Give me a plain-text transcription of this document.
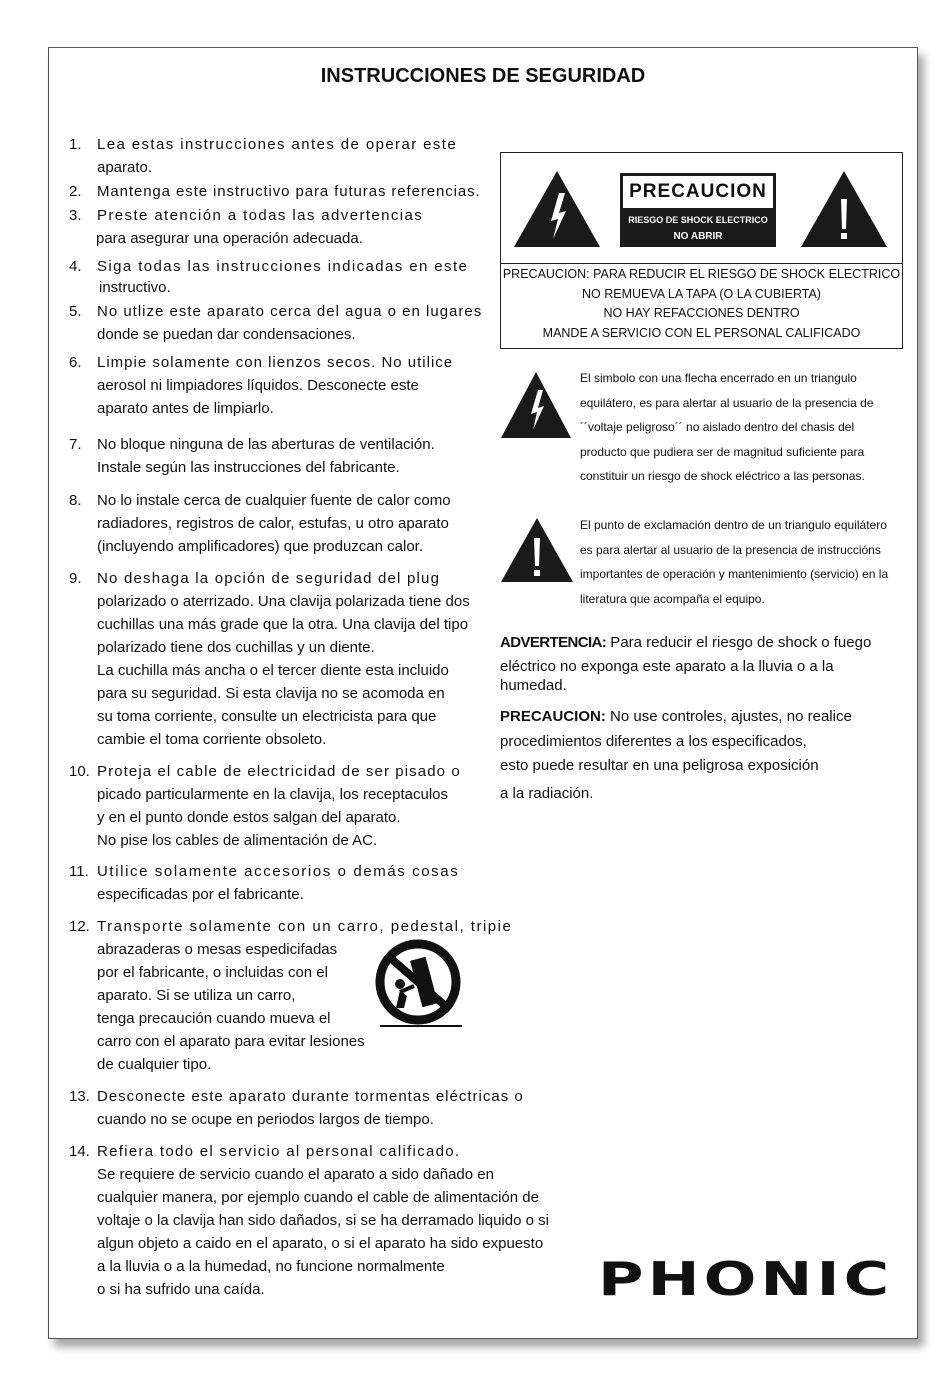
INSTRUCCIONES DE SEGURIDAD
1. Lea estas instrucciones antes de operar este
aparato.
2. Mantenga este instructivo para futuras referencias.
3. Preste atención a todas las advertencias
para asegurar una operación adecuada.
4. Siga todas las instrucciones indicadas en este
instructivo.
5. No utlize este aparato cerca del agua o en lugares
donde se puedan dar condensaciones.
6. Limpie solamente con lienzos secos. No utilice
aerosol ni limpiadores líquidos. Desconecte este
aparato antes de limpiarlo.
7. No bloque ninguna de las aberturas de ventilación.
Instale según las instrucciones del fabricante.
8. No lo instale cerca de cualquier fuente de calor como
radiadores, registros de calor, estufas, u otro aparato
(incluyendo amplificadores) que produzcan calor.
9. No deshaga la opción de seguridad del plug
polarizado o aterrizado. Una clavija polarizada tiene dos
cuchillas una más grade que la otra. Una clavija del tipo
polarizado tiene dos cuchillas y un diente.
La cuchilla más ancha o el tercer diente esta incluido
para su seguridad. Si esta clavija no se acomoda en
su toma corriente, consulte un electricista para que
cambie el toma corriente obsoleto.
10. Proteja el cable de electricidad de ser pisado o
picado particularmente en la clavija, los receptaculos
y en el punto donde estos salgan del aparato.
No pise los cables de alimentación de AC.
11. Utilice solamente accesorios o demás cosas
especificadas por el fabricante.
12. Transporte solamente con un carro, pedestal, tripie
abrazaderas o mesas espedicifadas
por el fabricante, o incluidas con el
aparato. Si se utiliza un carro,
tenga precaución cuando mueva el
carro con el aparato para evitar lesiones
de cualquier tipo.
13. Desconecte este aparato durante tormentas eléctricas o
cuando no se ocupe en periodos largos de tiempo.
14. Refiera todo el servicio al personal calificado.
Se requiere de servicio cuando el aparato a sido dañado en
cualquier manera, por ejemplo cuando el cable de alimentación de
voltaje o la clavija han sido dañados, si se ha derramado liquido o si
algun objeto a caido en el aparato, o si el aparato ha sido expuesto
a la lluvia o a la humedad, no funcione normalmente
o si ha sufrido una caída.
PRECAUCION
RIESGO DE SHOCK ELECTRICO
NO ABRIR
PRECAUCION: PARA REDUCIR EL RIESGO DE SHOCK ELECTRICO
NO REMUEVA LA TAPA (O LA CUBIERTA)
NO HAY REFACCIONES DENTRO
MANDE A SERVICIO CON EL PERSONAL CALIFICADO
El simbolo con una flecha encerrado en un triangulo
equilátero, es para alertar al usuario de la presencia de
´´voltaje peligroso´´ no aislado dentro del chasis del
producto que pudiera ser de magnitud suficiente para
constituir un riesgo de shock eléctrico a las personas.
El punto de exclamación dentro de un triangulo equilátero
es para alertar al usuario de la presencia de instruccións
importantes de operación y mantenimiento (servicio) en la
literatura que acompaña el equipo.
ADVERTENCIA: Para reducir el riesgo de shock o fuego
eléctrico no exponga este aparato a la lluvia o a la
humedad.
PRECAUCION: No use controles, ajustes, no realice
procedimientos diferentes a los especificados,
esto puede resultar en una peligrosa exposición
a la radiación.
PHONIC
